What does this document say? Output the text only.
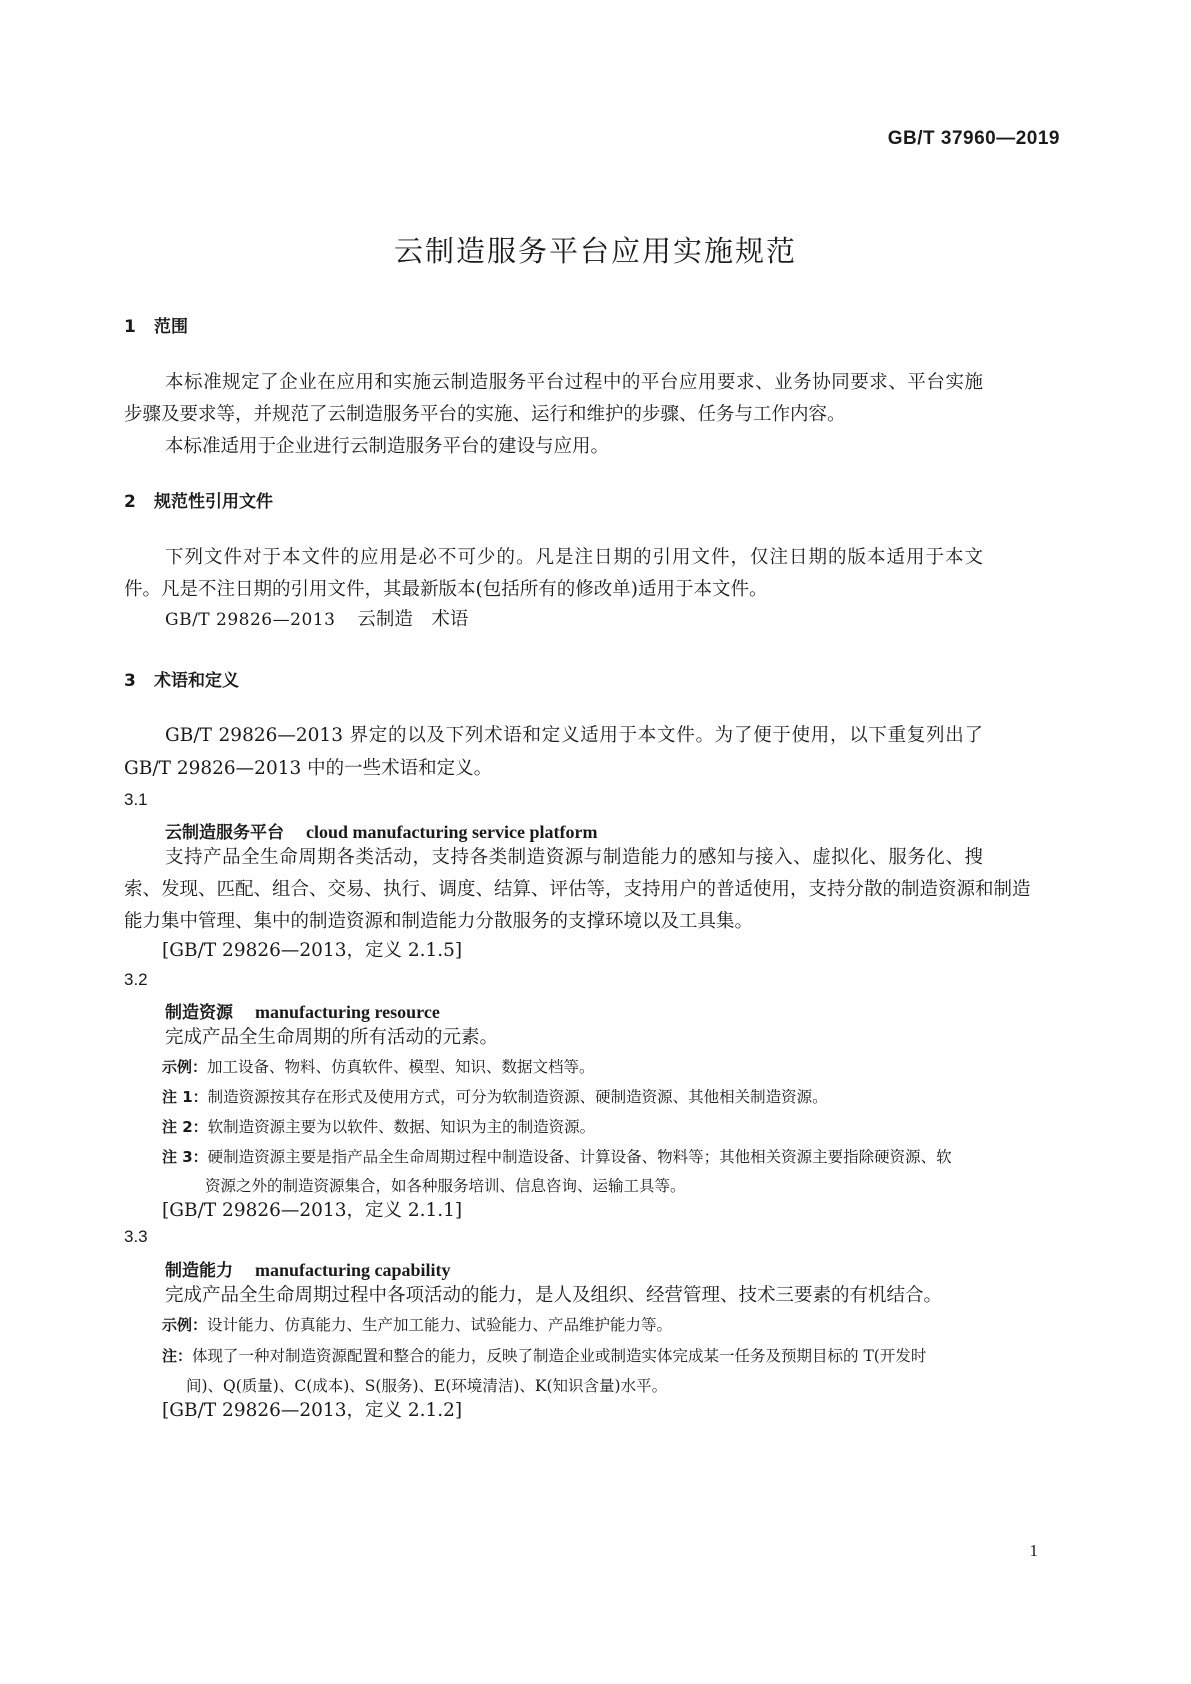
GB/T 37960—2019
云制造服务平台应用实施规范
1 范围
本标准规定了企业在应用和实施云制造服务平台过程中的平台应用要求、业务协同要求、平台实施
步骤及要求等，并规范了云制造服务平台的实施、运行和维护的步骤、任务与工作内容。
本标准适用于企业进行云制造服务平台的建设与应用。
2 规范性引用文件
下列文件对于本文件的应用是必不可少的。凡是注日期的引用文件，仅注日期的版本适用于本文
件。凡是不注日期的引用文件，其最新版本(包括所有的修改单)适用于本文件。
GB/T 29826—2013 云制造　术语
3 术语和定义
GB/T 29826—2013 界定的以及下列术语和定义适用于本文件。为了便于使用，以下重复列出了
GB/T 29826—2013 中的一些术语和定义。
3.1
云制造服务平台 cloud manufacturing service platform
支持产品全生命周期各类活动，支持各类制造资源与制造能力的感知与接入、虚拟化、服务化、搜
索、发现、匹配、组合、交易、执行、调度、结算、评估等，支持用户的普适使用，支持分散的制造资源和制造
能力集中管理、集中的制造资源和制造能力分散服务的支撑环境以及工具集。
[GB/T 29826—2013，定义 2.1.5]
3.2
制造资源 manufacturing resource
完成产品全生命周期的所有活动的元素。
示例：加工设备、物料、仿真软件、模型、知识、数据文档等。
注 1：制造资源按其存在形式及使用方式，可分为软制造资源、硬制造资源、其他相关制造资源。
注 2：软制造资源主要为以软件、数据、知识为主的制造资源。
注 3：硬制造资源主要是指产品全生命周期过程中制造设备、计算设备、物料等；其他相关资源主要指除硬资源、软
资源之外的制造资源集合，如各种服务培训、信息咨询、运输工具等。
[GB/T 29826—2013，定义 2.1.1]
3.3
制造能力 manufacturing capability
完成产品全生命周期过程中各项活动的能力，是人及组织、经营管理、技术三要素的有机结合。
示例：设计能力、仿真能力、生产加工能力、试验能力、产品维护能力等。
注：体现了一种对制造资源配置和整合的能力，反映了制造企业或制造实体完成某一任务及预期目标的 T(开发时
间)、Q(质量)、C(成本)、S(服务)、E(环境清洁)、K(知识含量)水平。
[GB/T 29826—2013，定义 2.1.2]
1
